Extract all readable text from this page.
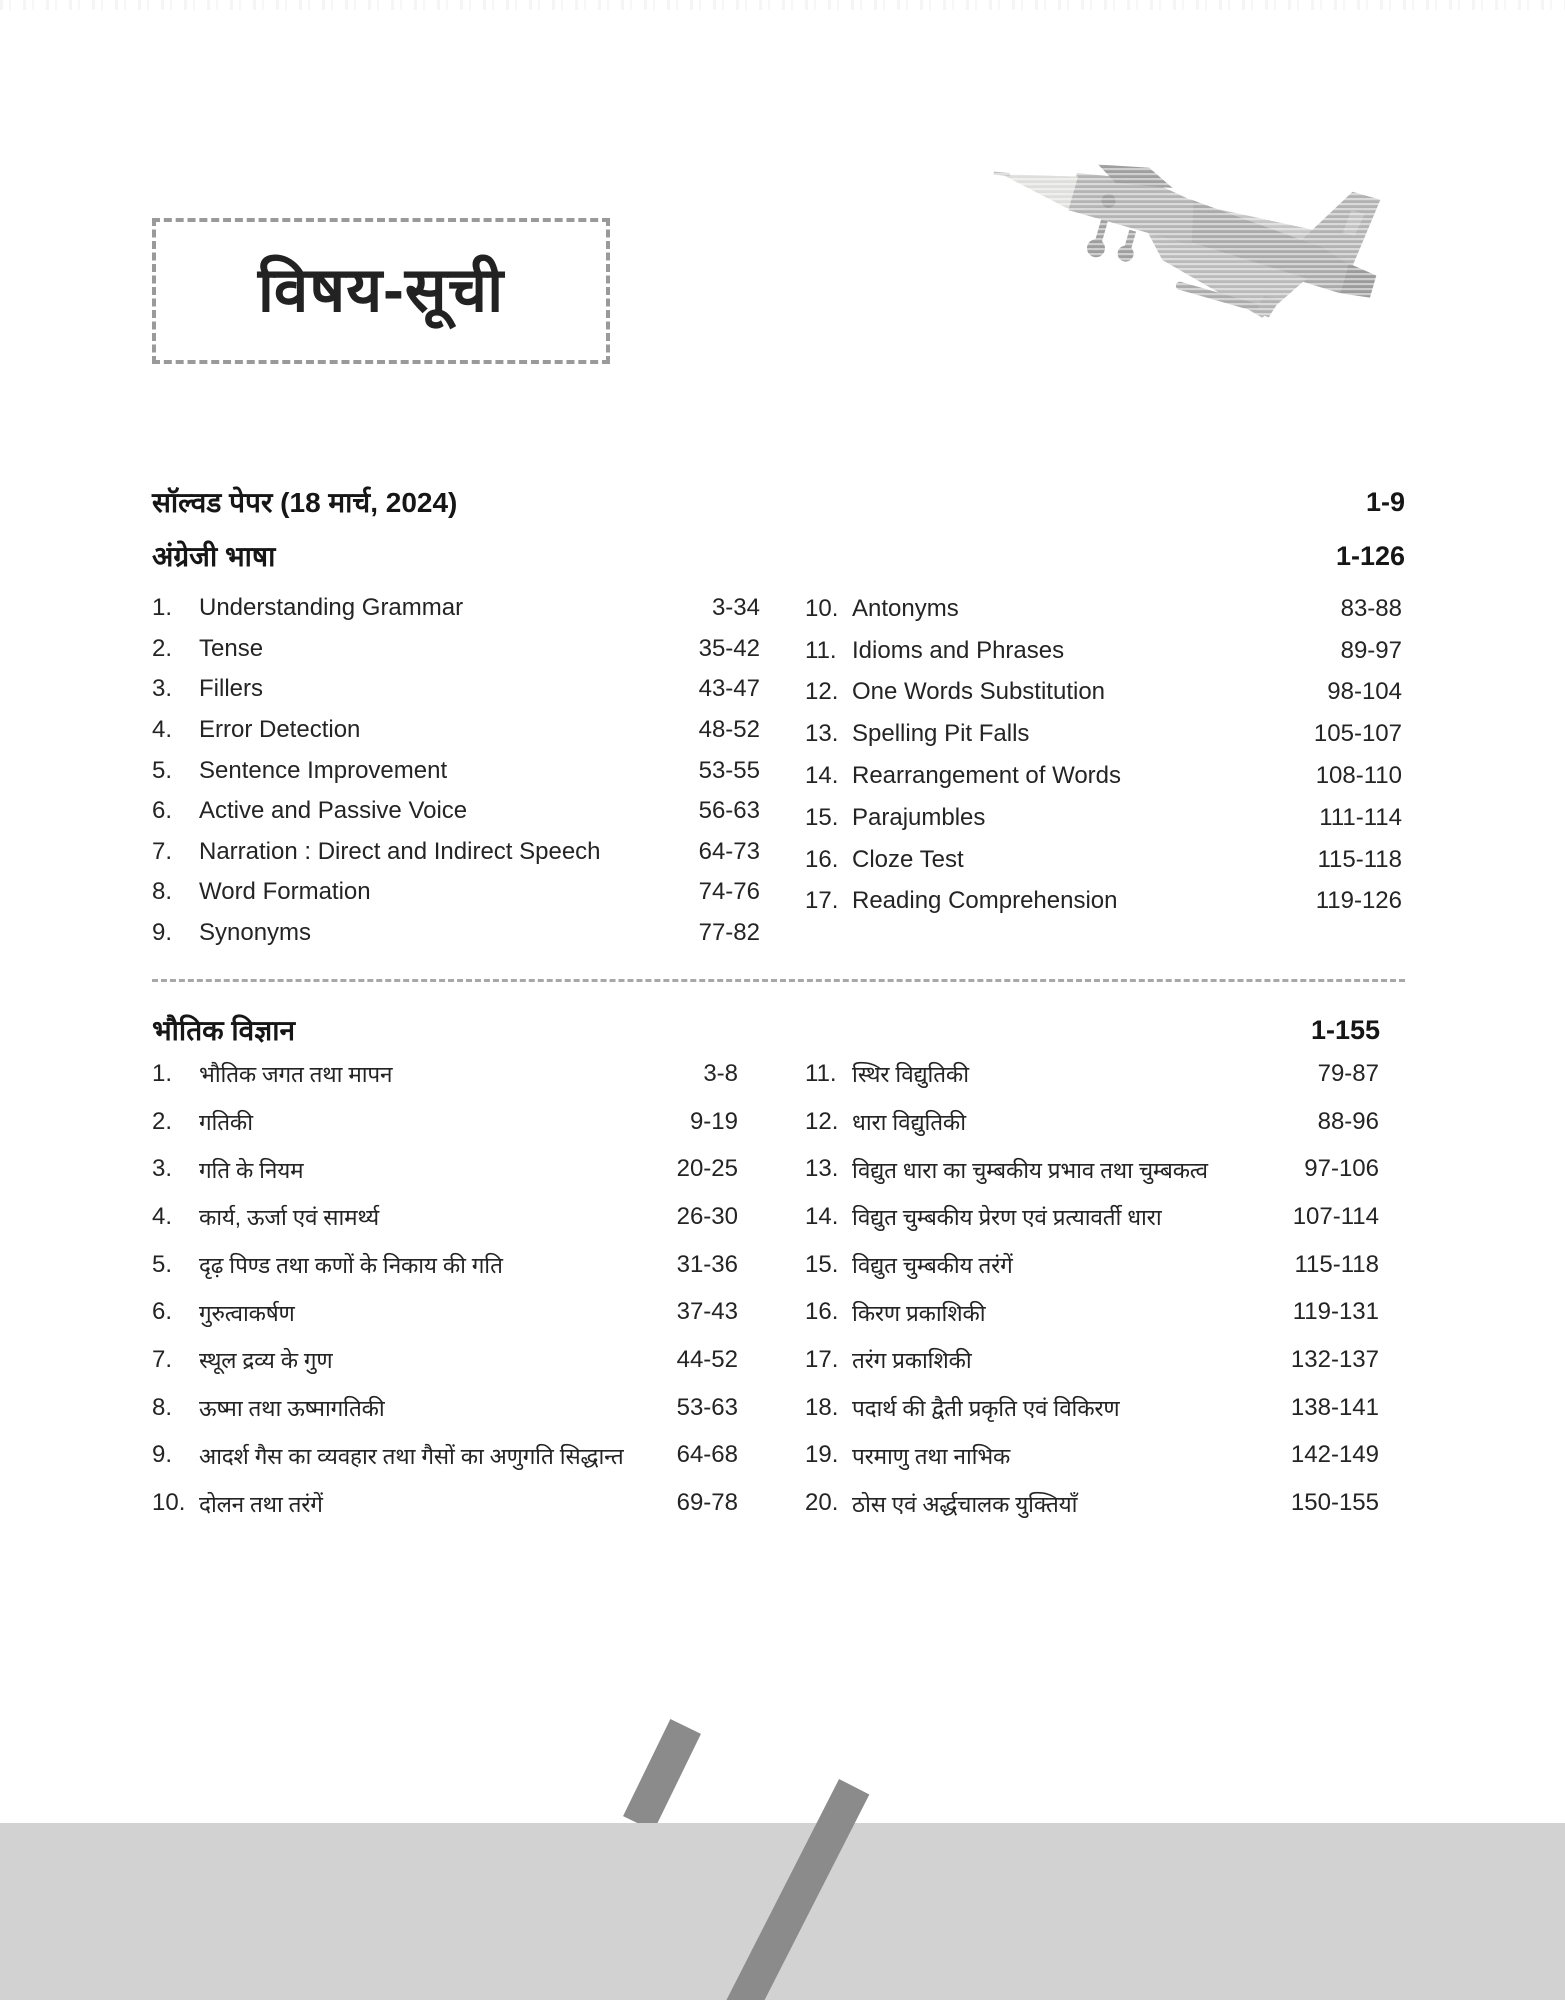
विषय-सूची
सॉल्वड पेपर (18 मार्च, 2024)	1-9
अंग्रेजी भाषा	1-126
1.	Understanding Grammar	3-34
2.	Tense	35-42
3.	Fillers	43-47
4.	Error Detection	48-52
5.	Sentence Improvement	53-55
6.	Active and Passive Voice	56-63
7.	Narration : Direct and Indirect Speech	64-73
8.	Word Formation	74-76
9.	Synonyms	77-82
10. Antonyms	83-88
11. Idioms and Phrases	89-97
12. One Words Substitution	98-104
13. Spelling Pit Falls	105-107
14. Rearrangement of Words	108-110
15. Parajumbles	111-114
16. Cloze Test	115-118
17. Reading Comprehension	119-126
भौतिक विज्ञान	1-155
1.	भौतिक जगत तथा मापन	3-8
2.	गतिकी	9-19
3.	गति के नियम	20-25
4.	कार्य, ऊर्जा एवं सामर्थ्य	26-30
5.	दृढ़ पिण्ड तथा कणों के निकाय की गति	31-36
6.	गुरुत्वाकर्षण	37-43
7.	स्थूल द्रव्य के गुण	44-52
8.	ऊष्मा तथा ऊष्मागतिकी	53-63
9.	आदर्श गैस का व्यवहार तथा गैसों का अणुगति सिद्धान्त	64-68
10. दोलन तथा तरंगें	69-78
11. स्थिर विद्युतिकी	79-87
12. धारा विद्युतिकी	88-96
13. विद्युत धारा का चुम्बकीय प्रभाव तथा चुम्बकत्व	97-106
14. विद्युत चुम्बकीय प्रेरण एवं प्रत्यावर्ती धारा	107-114
15. विद्युत चुम्बकीय तरंगें	115-118
16. किरण प्रकाशिकी	119-131
17. तरंग प्रकाशिकी	132-137
18. पदार्थ की द्वैती प्रकृति एवं विकिरण	138-141
19. परमाणु तथा नाभिक	142-149
20. ठोस एवं अर्द्धचालक युक्तियाँ	150-155
